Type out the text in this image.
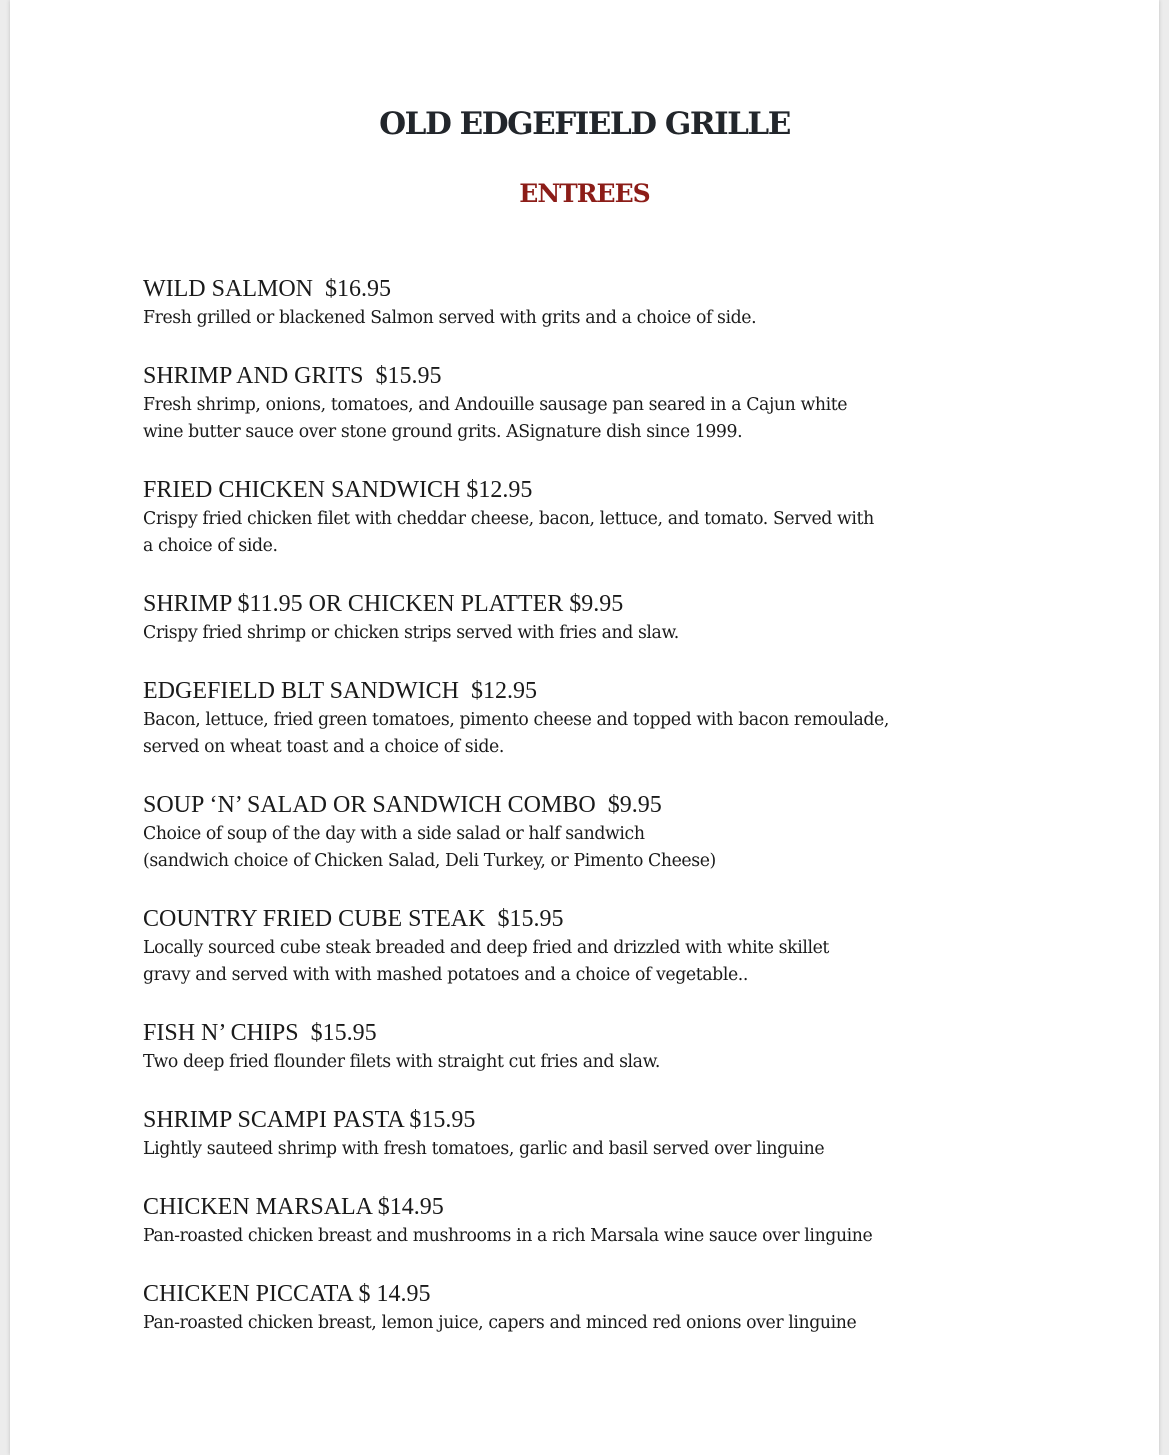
OLD EDGEFIELD GRILLE
ENTREES
WILD SALMON  $16.95
Fresh grilled or blackened Salmon served with grits and a choice of side.
SHRIMP AND GRITS  $15.95
Fresh shrimp, onions, tomatoes, and Andouille sausage pan seared in a Cajun white
wine butter sauce over stone ground grits. ASignature dish since 1999.
FRIED CHICKEN SANDWICH $12.95
Crispy fried chicken filet with cheddar cheese, bacon, lettuce, and tomato. Served with
a choice of side.
SHRIMP $11.95 OR CHICKEN PLATTER $9.95
Crispy fried shrimp or chicken strips served with fries and slaw.
EDGEFIELD BLT SANDWICH  $12.95
Bacon, lettuce, fried green tomatoes, pimento cheese and topped with bacon remoulade,
served on wheat toast and a choice of side.
SOUP ‘N’ SALAD OR SANDWICH COMBO  $9.95
Choice of soup of the day with a side salad or half sandwich
(sandwich choice of Chicken Salad, Deli Turkey, or Pimento Cheese)
COUNTRY FRIED CUBE STEAK  $15.95
Locally sourced cube steak breaded and deep fried and drizzled with white skillet
gravy and served with with mashed potatoes and a choice of vegetable..
FISH N’ CHIPS  $15.95
Two deep fried flounder filets with straight cut fries and slaw.
SHRIMP SCAMPI PASTA $15.95
Lightly sauteed shrimp with fresh tomatoes, garlic and basil served over linguine
CHICKEN MARSALA $14.95
Pan-roasted chicken breast and mushrooms in a rich Marsala wine sauce over linguine
CHICKEN PICCATA $ 14.95
Pan-roasted chicken breast, lemon juice, capers and minced red onions over linguine
